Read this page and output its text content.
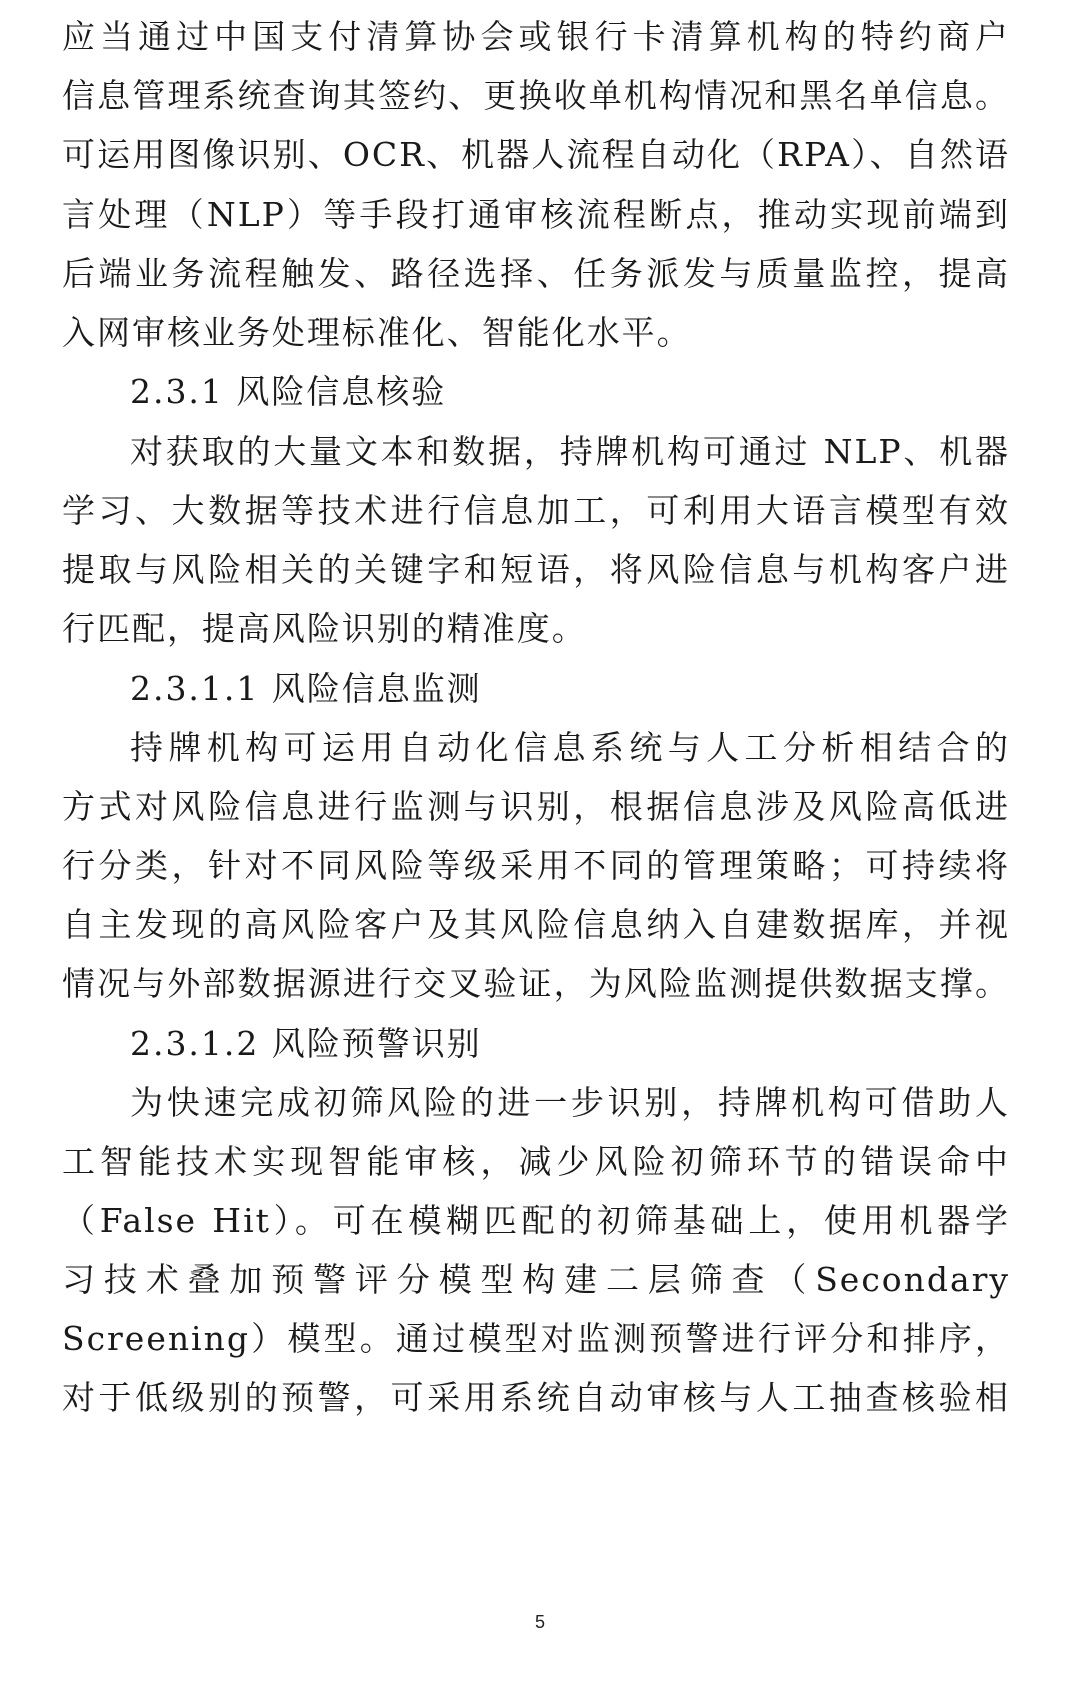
应当通过中国支付清算协会或银行卡清算机构的特约商户
信息管理系统查询其签约、更换收单机构情况和黑名单信息。
可运用图像识别、OCR、机器人流程自动化（RPA）、自然语
言处理（NLP）等手段打通审核流程断点，推动实现前端到
后端业务流程触发、路径选择、任务派发与质量监控，提高
入网审核业务处理标准化、智能化水平。
2.3.1 风险信息核验
对获取的大量文本和数据，持牌机构可通过 NLP、机器
学习、大数据等技术进行信息加工，可利用大语言模型有效
提取与风险相关的关键字和短语，将风险信息与机构客户进
行匹配，提高风险识别的精准度。
2.3.1.1 风险信息监测
持牌机构可运用自动化信息系统与人工分析相结合的
方式对风险信息进行监测与识别，根据信息涉及风险高低进
行分类，针对不同风险等级采用不同的管理策略；可持续将
自主发现的高风险客户及其风险信息纳入自建数据库，并视
情况与外部数据源进行交叉验证，为风险监测提供数据支撑。
2.3.1.2 风险预警识别
为快速完成初筛风险的进一步识别，持牌机构可借助人
工智能技术实现智能审核，减少风险初筛环节的错误命中
（False Hit）。可在模糊匹配的初筛基础上，使用机器学
习技术叠加预警评分模型构建二层筛查（Secondary
Screening）模型。通过模型对监测预警进行评分和排序，
对于低级别的预警，可采用系统自动审核与人工抽查核验相
5
